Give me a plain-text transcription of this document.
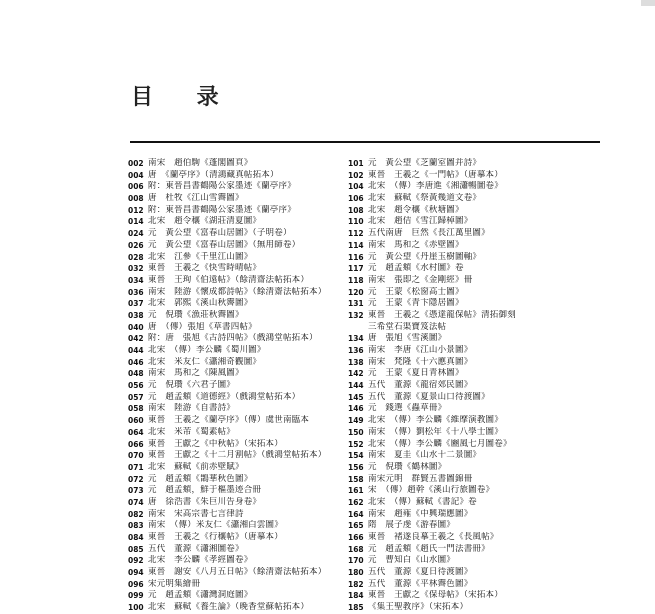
目 录
002 南宋　趙伯駒《蓬閣圖頁》
004 唐　《蘭亭序》（清鴻藏真帖拓本）
006 附：東晉昌書鶴陽公家墨迹《蘭亭序》
008 唐　杜牧《江山雪霽圖》
012 附：東晉昌書鶴陽公家墨迹《蘭亭序》
014 北宋　趙令穰《湖莊清夏圖》
024 元　黃公望《富春山居圖》（子明卷）
026 元　黃公望《富春山居圖》（無用師卷）
028 北宋　江參《千里江山圖》
032 東晉　王羲之《快雪時晴帖》
034 東晉　王珣《伯遠帖》（餘清齋法帖拓本）
036 南宋　陸游《懷成都詩帖》（餘清齋法帖拓本）
037 北宋　郭熙《溪山秋霽圖》
038 元　倪瓚《漁莊秋霽圖》
040 唐　（傳）張旭《草書四帖》
042 附：唐　張旭《古詩四帖》（戲鴻堂帖拓本）
044 北宋　（傳）李公麟《蜀川圖》
046 北宋　米友仁《瀟湘奇觀圖》
048 南宋　馬和之《陳風圖》
056 元　倪瓚《六君子圖》
057 元　趙孟頫《道德經》（戲鴻堂帖拓本）
058 南宋　陸游《自書詩》
060 東晉　王羲之《蘭亭序》（傳）虞世南臨本
064 北宋　米芾《蜀素帖》
066 東晉　王獻之《中秋帖》（宋拓本）
070 東晉　王獻之《十二月割帖》（戲鴻堂帖拓本）
071 北宋　蘇軾《前赤壁賦》
072 元　趙孟頫《鵲華秋色圖》
073 元　趙孟頫，鮮于樞墨迹合冊
074 唐　徐浩書《朱巨川告身卷》
082 南宋　宋高宗書七言律詩
083 南宋　（傳）米友仁《瀟湘白雲圖》
084 東晉　王羲之《行穰帖》（唐摹本）
085 五代　董源《瀟湘圖卷》
092 北宋　李公麟《孝經圖卷》
094 東晉　謝安《八月五日帖》（餘清齋法帖拓本）
096 宋元明集繪冊
099 元　趙孟頫《瀟灣洞庭圖》
100 北宋　蘇軾《養生論》（晚香堂蘇帖拓本）
101 元　黃公望《芝蘭室圖并詩》
102 東晉　王羲之《一門帖》（唐摹本）
104 北宋　（傳）李唐進《湘瀟暢圖卷》
106 北宋　蘇軾《祭黃幾道文卷》
108 北宋　趙令穰《秋塘圖》
110 北宋　趙佶《雪江歸棹圖》
112 五代南唐　巨然《長江萬里圖》
114 南宋　馬和之《赤壁圖》
116 元　黃公望《丹崖玉樹圖軸》
117 元　趙孟頫《水村圖》卷
118 南宋　張即之《金剛經》冊
120 元　王蒙《松窗高士圖》
131 元　王蒙《青卞隱居圖》
132 東晉　王羲之《憑達龍保帖》清拓御刻
三希堂石渠寶笈法帖
134 唐　張旭《雪溪圖》
136 南宋　李唐《江山小景圖》
138 南宋　梵隆《十六應真圖》
142 元　王蒙《夏日青林圖》
144 五代　董源《龍宿郊民圖》
145 五代　董源《夏景山口待渡圖》
146 元　錢選《蟲草冊》
149 北宋　（傳）李公麟《維摩演教圖》
150 南宋　（傳）劉松年《十八學士圖》
152 北宋　（傳）李公麟《豳風七月圖卷》
154 南宋　夏圭《山水十二景圖》
156 元　倪瓚《鶴林圖》
158 南宋元明　群賢五書圖錦冊
161 宋　（傳）趙幹《溪山行旅圖卷》
162 北宋　（傳）蘇軾《書記》卷
164 南宋　趙雍《中興瑞應圖》
165 隋　展子虔《游春圖》
166 東晉　褚遂良摹王羲之《長風帖》
168 元　趙孟頫《趙氏一門法書冊》
170 元　曹知白《山水圖》
180 五代　董源《夏日待渡圖》
182 五代　董源《平林霽色圖》
184 東晉　王獻之《保母帖》（宋拓本）
185 《集王聖教序》（宋拓本）
